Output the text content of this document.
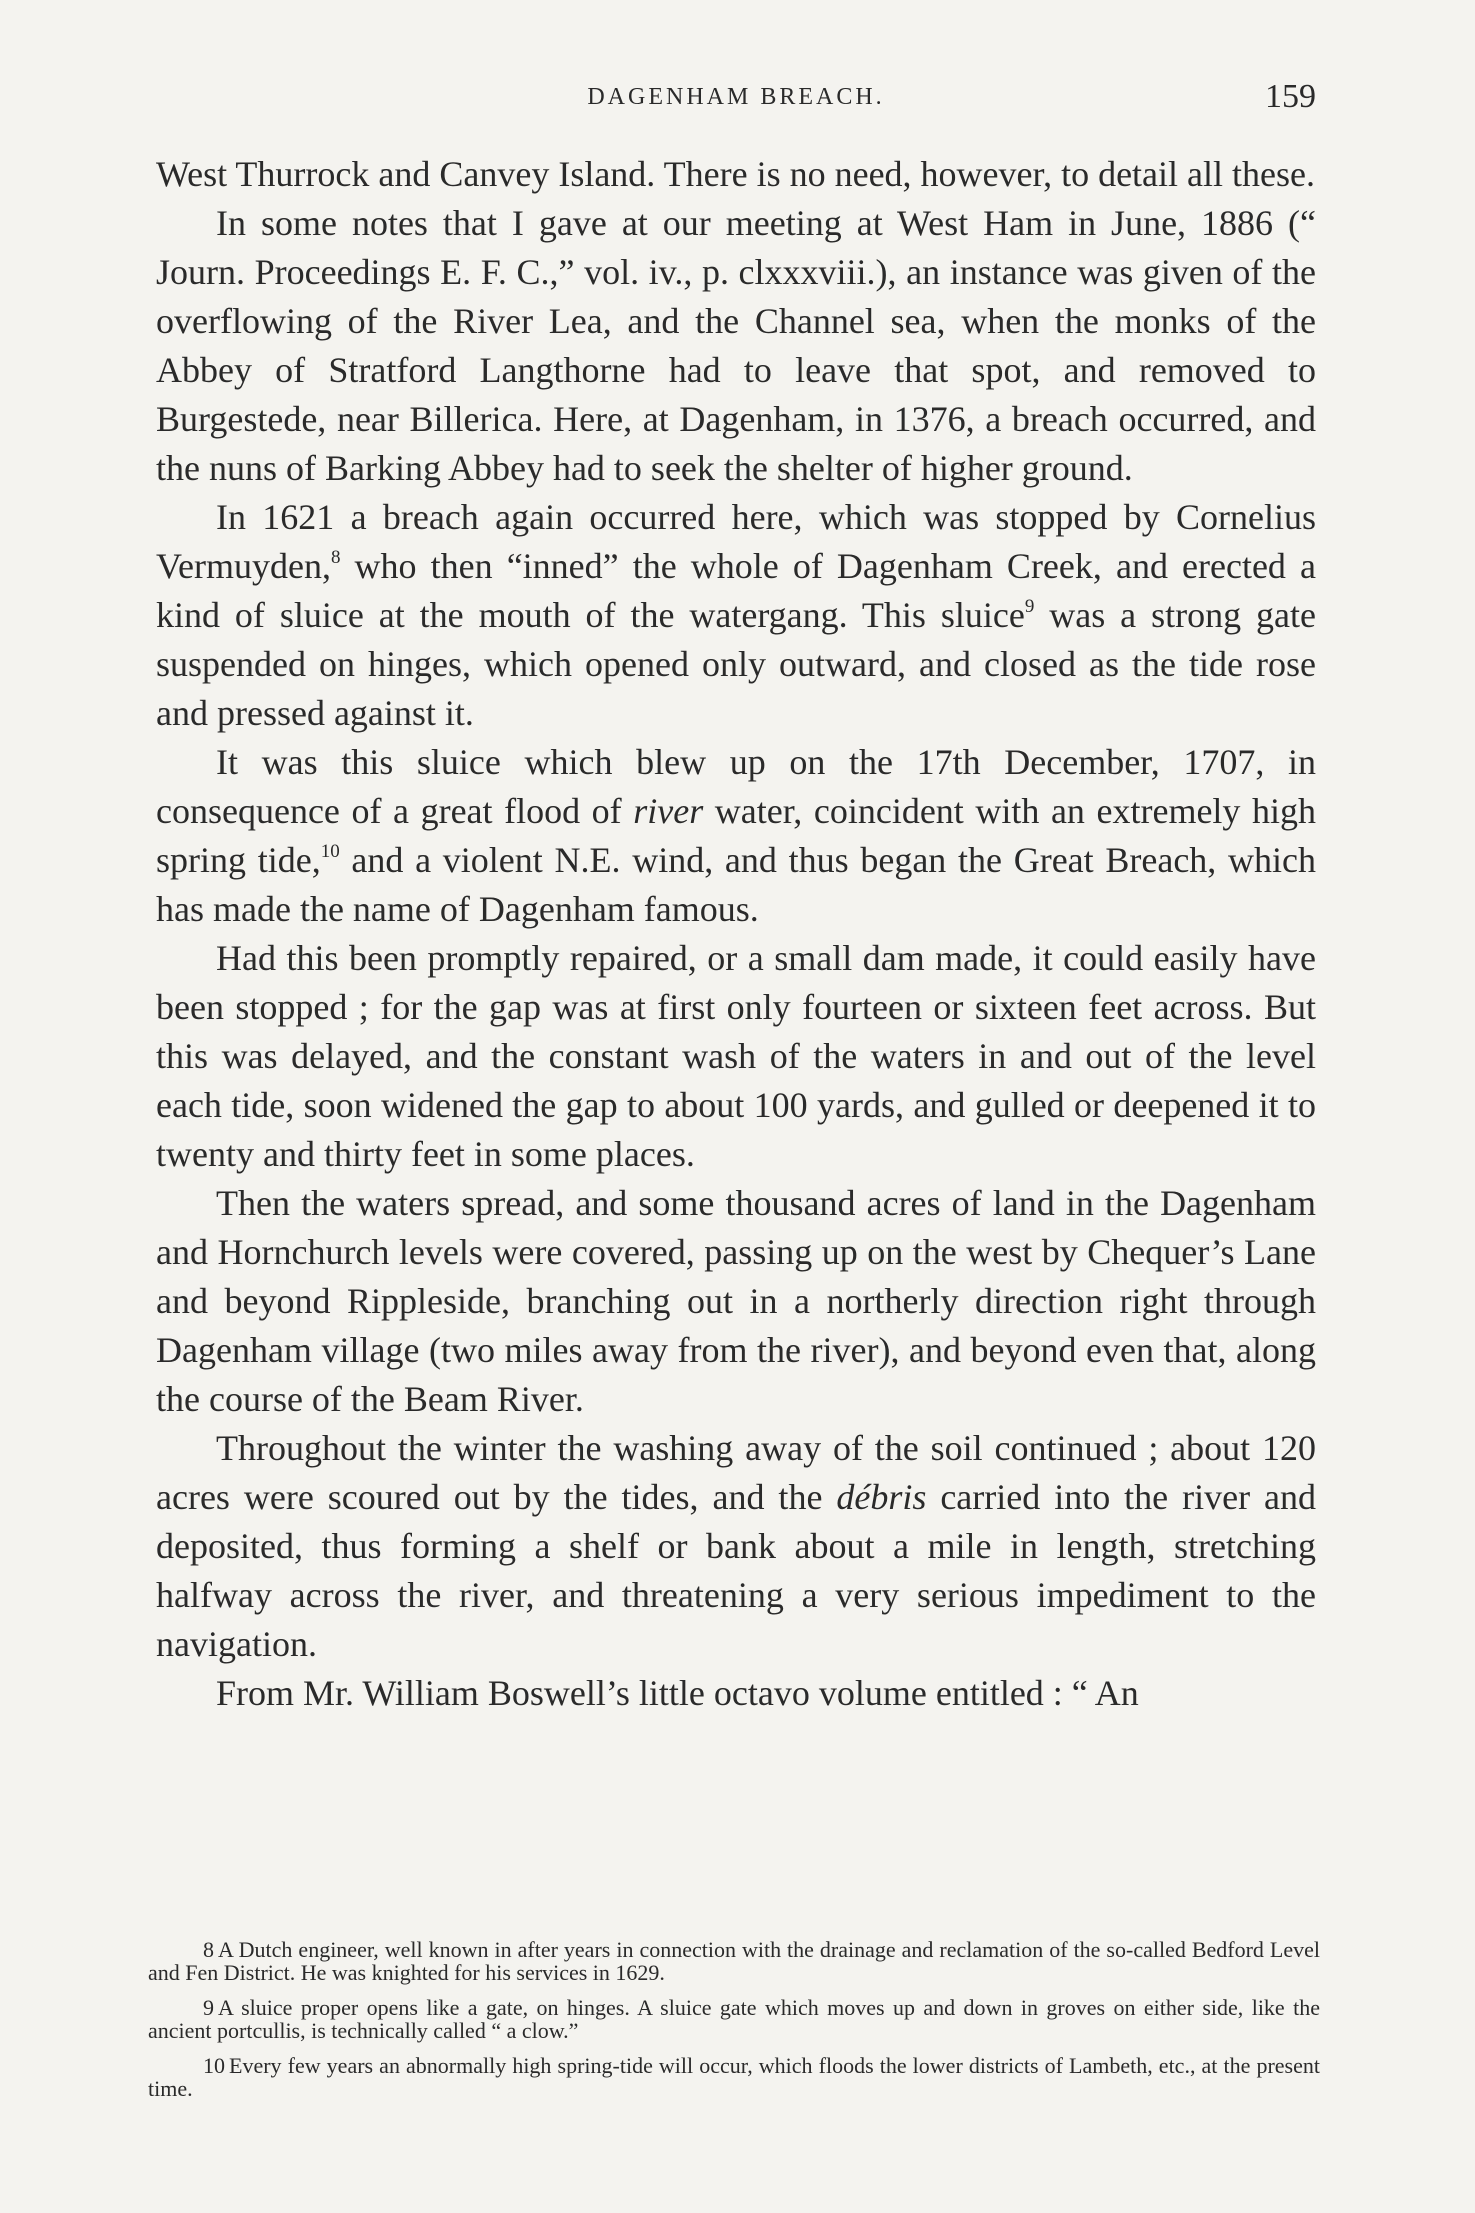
DAGENHAM BREACH.	159

West Thurrock and Canvey Island. There is no need, however, to detail all these.

In some notes that I gave at our meeting at West Ham in June, 1886 (“ Journ. Proceedings E. F. C.,” vol. iv., p. clxxxviii.), an instance was given of the overflowing of the River Lea, and the Channel sea, when the monks of the Abbey of Stratford Langthorne had to leave that spot, and removed to Burgestede, near Billerica. Here, at Dagenham, in 1376, a breach occurred, and the nuns of Barking Abbey had to seek the shelter of higher ground.

In 1621 a breach again occurred here, which was stopped by Cornelius Vermuyden,$^8$ who then “inned” the whole of Dagenham Creek, and erected a kind of sluice at the mouth of the watergang. This sluice$^9$ was a strong gate suspended on hinges, which opened only outward, and closed as the tide rose and pressed against it.

It was this sluice which blew up on the 17th December, 1707, in consequence of a great flood of river water, coincident with an extremely high spring tide,$^{10}$ and a violent N.E. wind, and thus began the Great Breach, which has made the name of Dagenham famous.

Had this been promptly repaired, or a small dam made, it could easily have been stopped ; for the gap was at first only fourteen or sixteen feet across. But this was delayed, and the constant wash of the waters in and out of the level each tide, soon widened the gap to about 100 yards, and gulled or deepened it to twenty and thirty feet in some places.

Then the waters spread, and some thousand acres of land in the Dagenham and Hornchurch levels were covered, passing up on the west by Chequer’s Lane and beyond Rippleside, branching out in a northerly direction right through Dagenham village (two miles away from the river), and beyond even that, along the course of the Beam River.

Throughout the winter the washing away of the soil continued ; about 120 acres were scoured out by the tides, and the débris carried into the river and deposited, thus forming a shelf or bank about a mile in length, stretching halfway across the river, and threatening a very serious impediment to the navigation.

From Mr. William Boswell’s little octavo volume entitled : “ An

8 A Dutch engineer, well known in after years in connection with the drainage and reclamation of the so-called Bedford Level and Fen District. He was knighted for his services in 1629.

9 A sluice proper opens like a gate, on hinges. A sluice gate which moves up and down in groves on either side, like the ancient portcullis, is technically called “ a clow.”

10 Every few years an abnormally high spring-tide will occur, which floods the lower districts of Lambeth, etc., at the present time.
